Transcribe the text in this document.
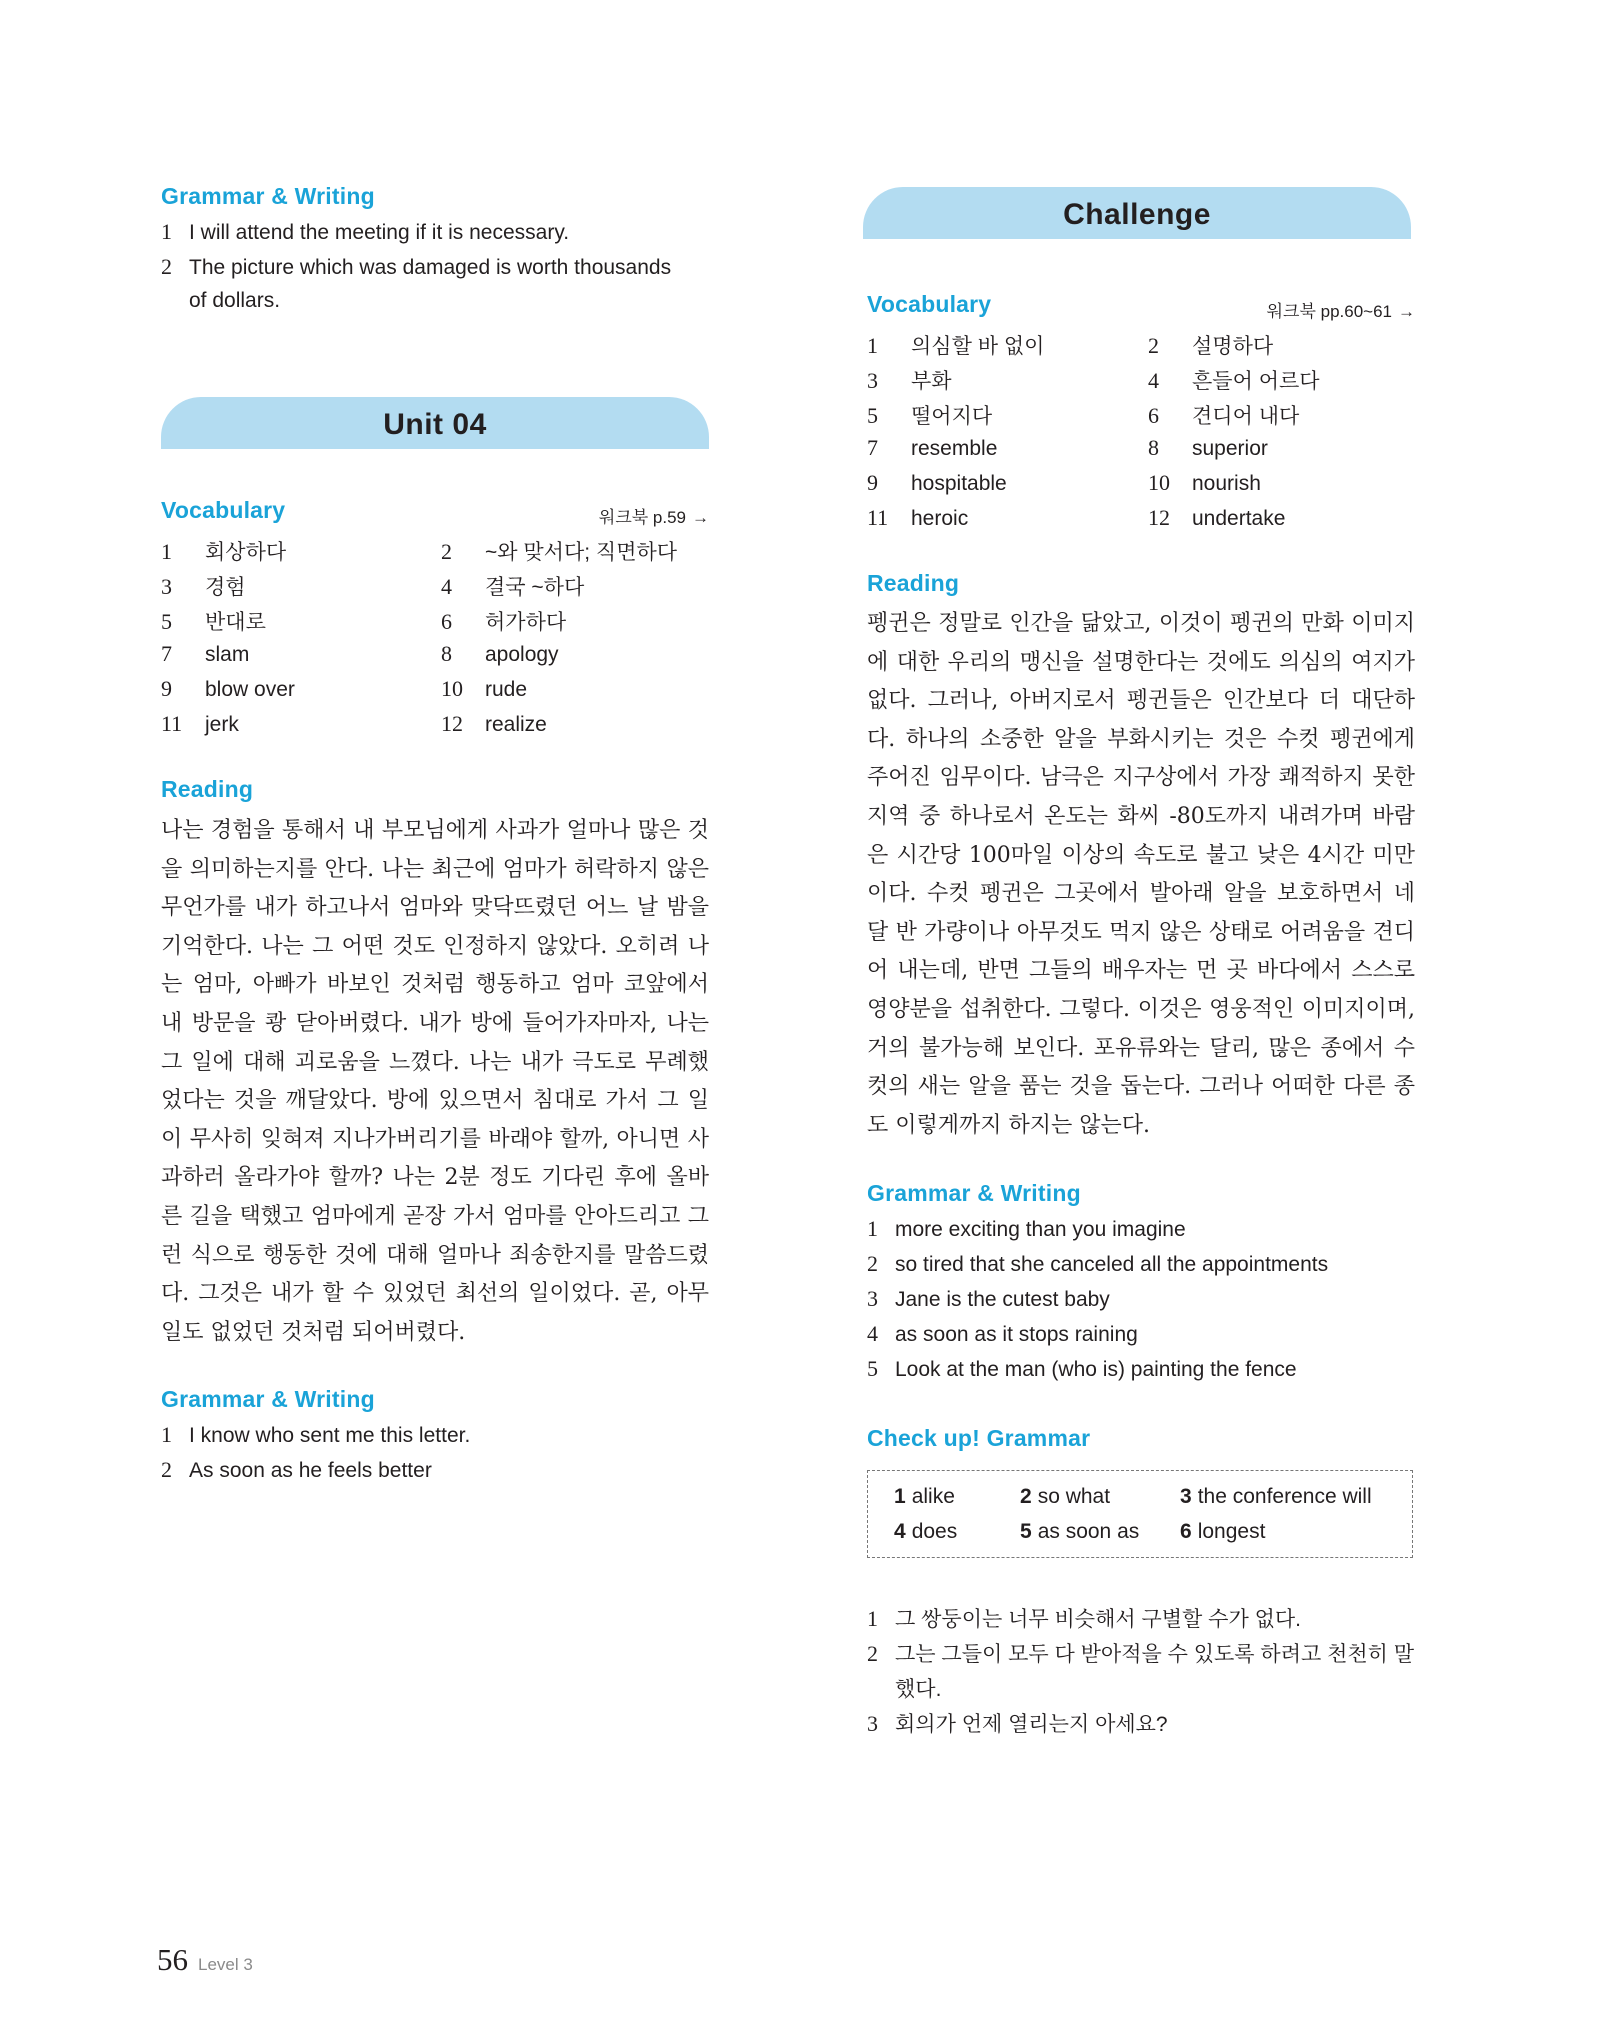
Grammar & Writing
1 I will attend the meeting if it is necessary.
2 The picture which was damaged is worth thousands
of dollars.
Unit 04
Vocabulary	워크북 p.59 →
1 회상하다	2 ~와 맞서다; 직면하다
3 경험	4 결국 ~하다
5 반대로	6 허가하다
7 slam	8 apology
9 blow over	10 rude
11 jerk	12 realize
Reading
나는 경험을 통해서 내 부모님에게 사과가 얼마나 많은 것을 의미하는지를 안다. 나는 최근에 엄마가 허락하지 않은 무언가를 내가 하고나서 엄마와 맞닥뜨렸던 어느 날 밤을 기억한다. 나는 그 어떤 것도 인정하지 않았다. 오히려 나는 엄마, 아빠가 바보인 것처럼 행동하고 엄마 코앞에서 내 방문을 쾅 닫아버렸다. 내가 방에 들어가자마자, 나는 그 일에 대해 괴로움을 느꼈다. 나는 내가 극도로 무례했었다는 것을 깨달았다. 방에 있으면서 침대로 가서 그 일이 무사히 잊혀져 지나가버리기를 바래야 할까, 아니면 사과하러 올라가야 할까? 나는 2분 정도 기다린 후에 올바른 길을 택했고 엄마에게 곧장 가서 엄마를 안아드리고 그런 식으로 행동한 것에 대해 얼마나 죄송한지를 말씀드렸다. 그것은 내가 할 수 있었던 최선의 일이었다. 곧, 아무 일도 없었던 것처럼 되어버렸다.
Grammar & Writing
1 I know who sent me this letter.
2 As soon as he feels better
Challenge
Vocabulary	워크북 pp.60~61 →
1 의심할 바 없이	2 설명하다
3 부화	4 흔들어 어르다
5 떨어지다	6 견디어 내다
7 resemble	8 superior
9 hospitable	10 nourish
11 heroic	12 undertake
Reading
펭귄은 정말로 인간을 닮았고, 이것이 펭귄의 만화 이미지에 대한 우리의 맹신을 설명한다는 것에도 의심의 여지가 없다. 그러나, 아버지로서 펭귄들은 인간보다 더 대단하다. 하나의 소중한 알을 부화시키는 것은 수컷 펭귄에게 주어진 임무이다. 남극은 지구상에서 가장 쾌적하지 못한 지역 중 하나로서 온도는 화씨 -80도까지 내려가며 바람은 시간당 100마일 이상의 속도로 불고 낮은 4시간 미만이다. 수컷 펭귄은 그곳에서 발아래 알을 보호하면서 네 달 반 가량이나 아무것도 먹지 않은 상태로 어려움을 견디어 내는데, 반면 그들의 배우자는 먼 곳 바다에서 스스로 영양분을 섭취한다. 그렇다. 이것은 영웅적인 이미지이며, 거의 불가능해 보인다. 포유류와는 달리, 많은 종에서 수컷의 새는 알을 품는 것을 돕는다. 그러나 어떠한 다른 종도 이렇게까지 하지는 않는다.
Grammar & Writing
1 more exciting than you imagine
2 so tired that she canceled all the appointments
3 Jane is the cutest baby
4 as soon as it stops raining
5 Look at the man (who is) painting the fence
Check up! Grammar
1 alike	2 so what	3 the conference will
4 does	5 as soon as 6 longest
1 그 쌍둥이는 너무 비슷해서 구별할 수가 없다.
2 그는 그들이 모두 다 받아적을 수 있도록 하려고 천천히 말
했다.
3 회의가 언제 열리는지 아세요?
56 Level 3
